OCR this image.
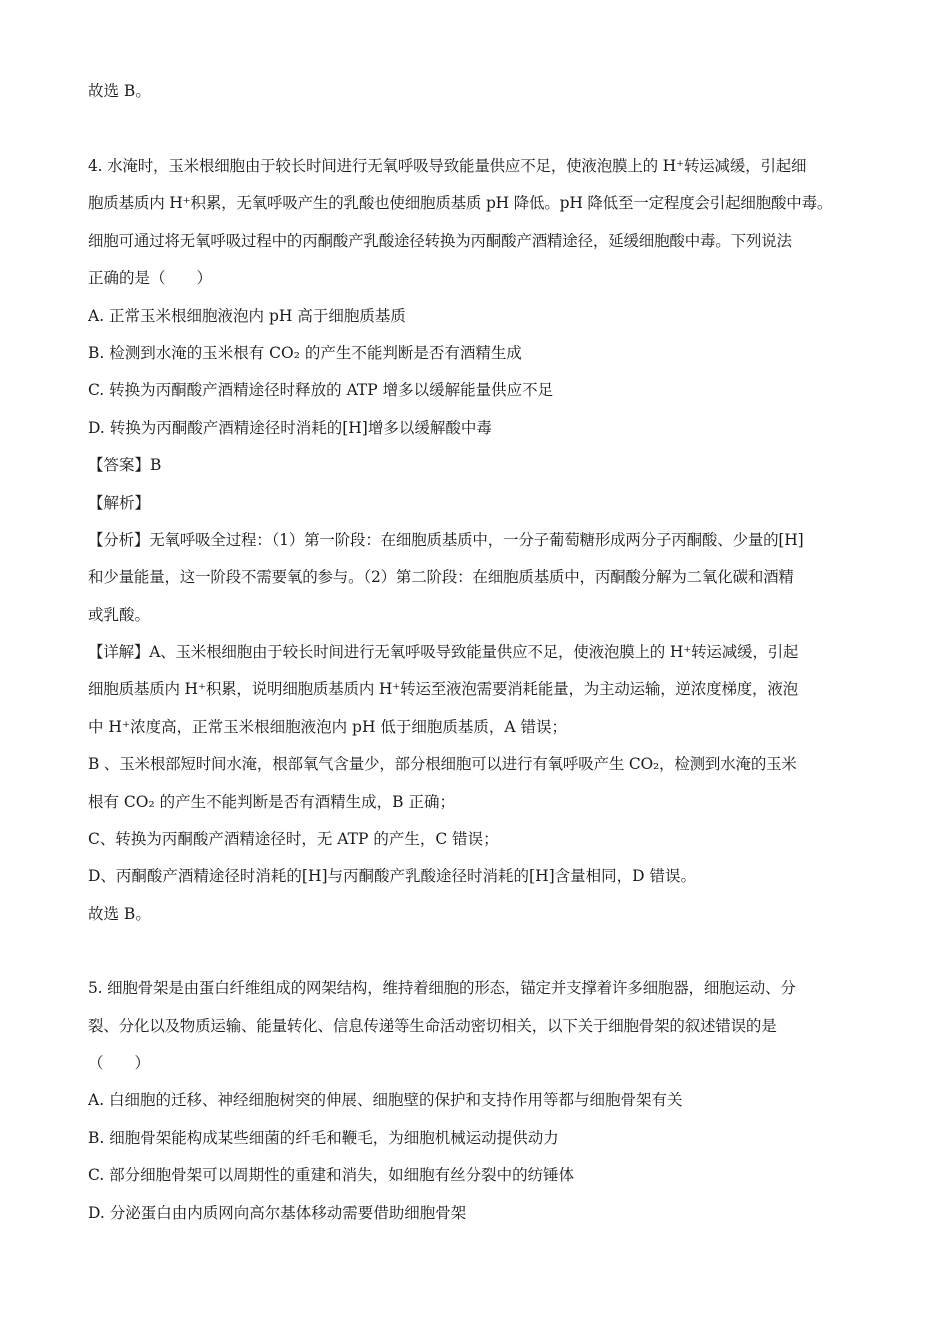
故选 B。
4. 水淹时，玉米根细胞由于较长时间进行无氧呼吸导致能量供应不足，使液泡膜上的 H⁺转运减缓，引起细
胞质基质内 H⁺积累，无氧呼吸产生的乳酸也使细胞质基质 pH 降低。pH 降低至一定程度会引起细胞酸中毒。
细胞可通过将无氧呼吸过程中的丙酮酸产乳酸途径转换为丙酮酸产酒精途径，延缓细胞酸中毒。下列说法
正确的是（　　）
A. 正常玉米根细胞液泡内 pH 高于细胞质基质
B. 检测到水淹的玉米根有 CO₂ 的产生不能判断是否有酒精生成
C. 转换为丙酮酸产酒精途径时释放的 ATP 增多以缓解能量供应不足
D. 转换为丙酮酸产酒精途径时消耗的[H]增多以缓解酸中毒
【答案】B
【解析】
【分析】无氧呼吸全过程：（1）第一阶段：在细胞质基质中，一分子葡萄糖形成两分子丙酮酸、少量的[H]
和少量能量，这一阶段不需要氧的参与。（2）第二阶段：在细胞质基质中，丙酮酸分解为二氧化碳和酒精
或乳酸。
【详解】A、玉米根细胞由于较长时间进行无氧呼吸导致能量供应不足，使液泡膜上的 H⁺转运减缓，引起
细胞质基质内 H⁺积累，说明细胞质基质内 H⁺转运至液泡需要消耗能量，为主动运输，逆浓度梯度，液泡
中 H⁺浓度高，正常玉米根细胞液泡内 pH 低于细胞质基质，A 错误；
B 、玉米根部短时间水淹，根部氧气含量少，部分根细胞可以进行有氧呼吸产生 CO₂，检测到水淹的玉米
根有 CO₂ 的产生不能判断是否有酒精生成，B 正确；
C、转换为丙酮酸产酒精途径时，无 ATP 的产生，C 错误；
D、丙酮酸产酒精途径时消耗的[H]与丙酮酸产乳酸途径时消耗的[H]含量相同，D 错误。
故选 B。
5. 细胞骨架是由蛋白纤维组成的网架结构，维持着细胞的形态，锚定并支撑着许多细胞器，细胞运动、分
裂、分化以及物质运输、能量转化、信息传递等生命活动密切相关，以下关于细胞骨架的叙述错误的是
（　　）
A. 白细胞的迁移、神经细胞树突的伸展、细胞壁的保护和支持作用等都与细胞骨架有关
B. 细胞骨架能构成某些细菌的纤毛和鞭毛，为细胞机械运动提供动力
C. 部分细胞骨架可以周期性的重建和消失，如细胞有丝分裂中的纺锤体
D. 分泌蛋白由内质网向高尔基体移动需要借助细胞骨架
